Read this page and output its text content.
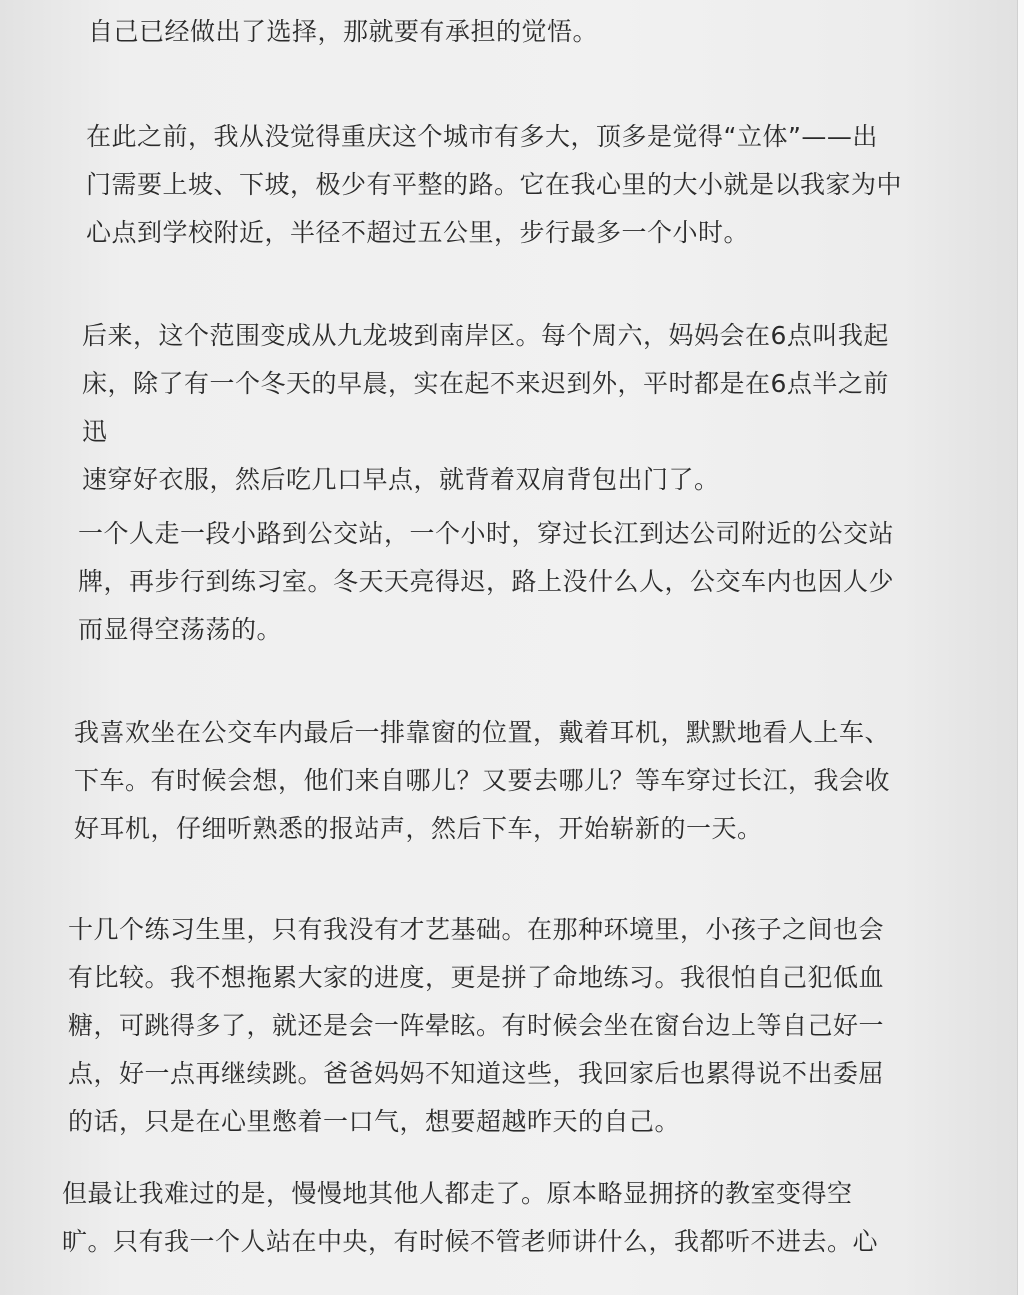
自己已经做出了选择，那就要有承担的觉悟。
在此之前，我从没觉得重庆这个城市有多大，顶多是觉得“立体”——出
门需要上坡、下坡，极少有平整的路。它在我心里的大小就是以我家为中
心点到学校附近，半径不超过五公里，步行最多一个小时。
后来，这个范围变成从九龙坡到南岸区。每个周六，妈妈会在6点叫我起
床，除了有一个冬天的早晨，实在起不来迟到外，平时都是在6点半之前迅
速穿好衣服，然后吃几口早点，就背着双肩背包出门了。
一个人走一段小路到公交站，一个小时，穿过长江到达公司附近的公交站
牌，再步行到练习室。冬天天亮得迟，路上没什么人，公交车内也因人少
而显得空荡荡的。
我喜欢坐在公交车内最后一排靠窗的位置，戴着耳机，默默地看人上车、
下车。有时候会想，他们来自哪儿？又要去哪儿？等车穿过长江，我会收
好耳机，仔细听熟悉的报站声，然后下车，开始崭新的一天。
十几个练习生里，只有我没有才艺基础。在那种环境里，小孩子之间也会
有比较。我不想拖累大家的进度，更是拼了命地练习。我很怕自己犯低血
糖，可跳得多了，就还是会一阵晕眩。有时候会坐在窗台边上等自己好一
点，好一点再继续跳。爸爸妈妈不知道这些，我回家后也累得说不出委屈
的话，只是在心里憋着一口气，想要超越昨天的自己。
但最让我难过的是，慢慢地其他人都走了。原本略显拥挤的教室变得空
旷。只有我一个人站在中央，有时候不管老师讲什么，我都听不进去。心
